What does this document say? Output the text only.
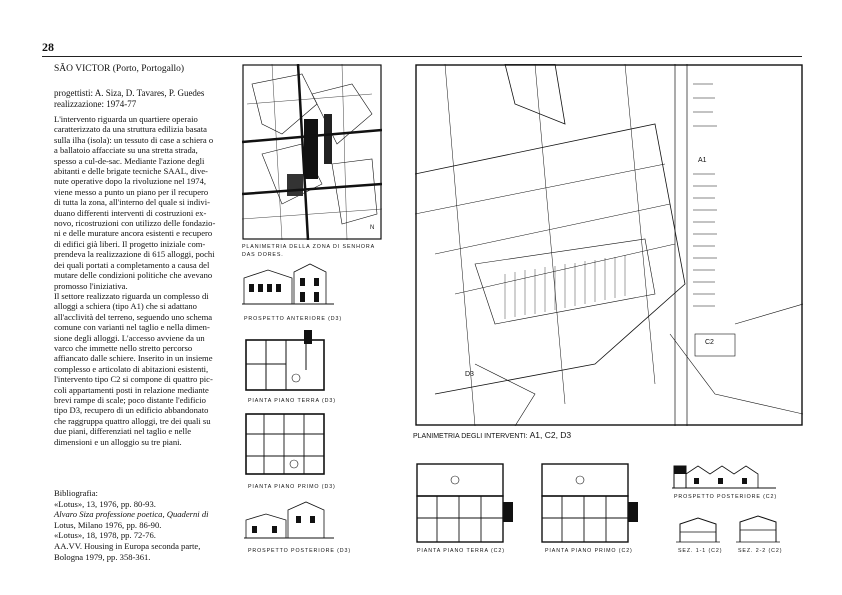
28
SÃO VICTOR (Porto, Portogallo)
progettisti: A. Siza, D. Tavares, P. Guedes
realizzazione: 1974-77

L'intervento riguarda un quartiere operaio

caratterizzato da una struttura edilizia basata

sulla ilha (isola): un tessuto di case a schiera o

a ballatoio affacciate su una stretta strada,

spesso a cul-de-sac. Mediante l'azione degli

abitanti e delle brigate tecniche SAAL, dive-

nute operative dopo la rivoluzione nel 1974,

viene messo a punto un piano per il recupero

di tutta la zona, all'interno del quale si indivi-

duano differenti interventi di costruzioni ex-

novo, ricostruzioni con utilizzo delle fondazio-

ni e delle murature ancora esistenti e recupero

di edifici già liberi. Il progetto iniziale com-

prendeva la realizzazione di 615 alloggi, pochi

dei quali portati a completamento a causa del

mutare delle condizioni politiche che avevano

promosso l'iniziativa.

Il settore realizzato riguarda un complesso di

alloggi a schiera (tipo A1) che si adattano

all'acclività del terreno, seguendo uno schema

comune con varianti nel taglio e nella dimen-

sione degli alloggi. L'accesso avviene da un

varco che immette nello stretto percorso

affiancato dalle schiere. Inserito in un insieme

complesso e articolato di abitazioni esistenti,

l'intervento tipo C2 si compone di quattro pic-

coli appartamenti posti in relazione mediante

brevi rampe di scale; poco distante l'edificio

tipo D3, recupero di un edificio abbandonato

che raggruppa quattro alloggi, tre dei quali su

due piani, differenziati nel taglio e nelle

dimensioni e un alloggio su tre piani.

Bibliografia:
«Lotus», 13, 1976, pp. 80-93.
Alvaro Siza professione poetica, Quaderni di
Lotus, Milano 1976, pp. 86-90.
«Lotus», 18, 1978, pp. 72-76.
AA.VV. Housing in Europa seconda parte,
Bologna 1979, pp. 358-361.
N
PLANIMETRIA DELLA ZONA DI SENHORA
DAS DORES.
PROSPETTO ANTERIORE (D3)
PIANTA PIANO TERRA (D3)
PIANTA PIANO PRIMO (D3)
PROSPETTO POSTERIORE (D3)
A1
C2
D3
PLANIMETRIA DEGLI INTERVENTI: A1, C2, D3
PIANTA PIANO TERRA (C2)	PIANTA PIANO PRIMO (C2)
PROSPETTO POSTERIORE (C2)
SEZ. 1-1 (C2)	SEZ. 2-2 (C2)
